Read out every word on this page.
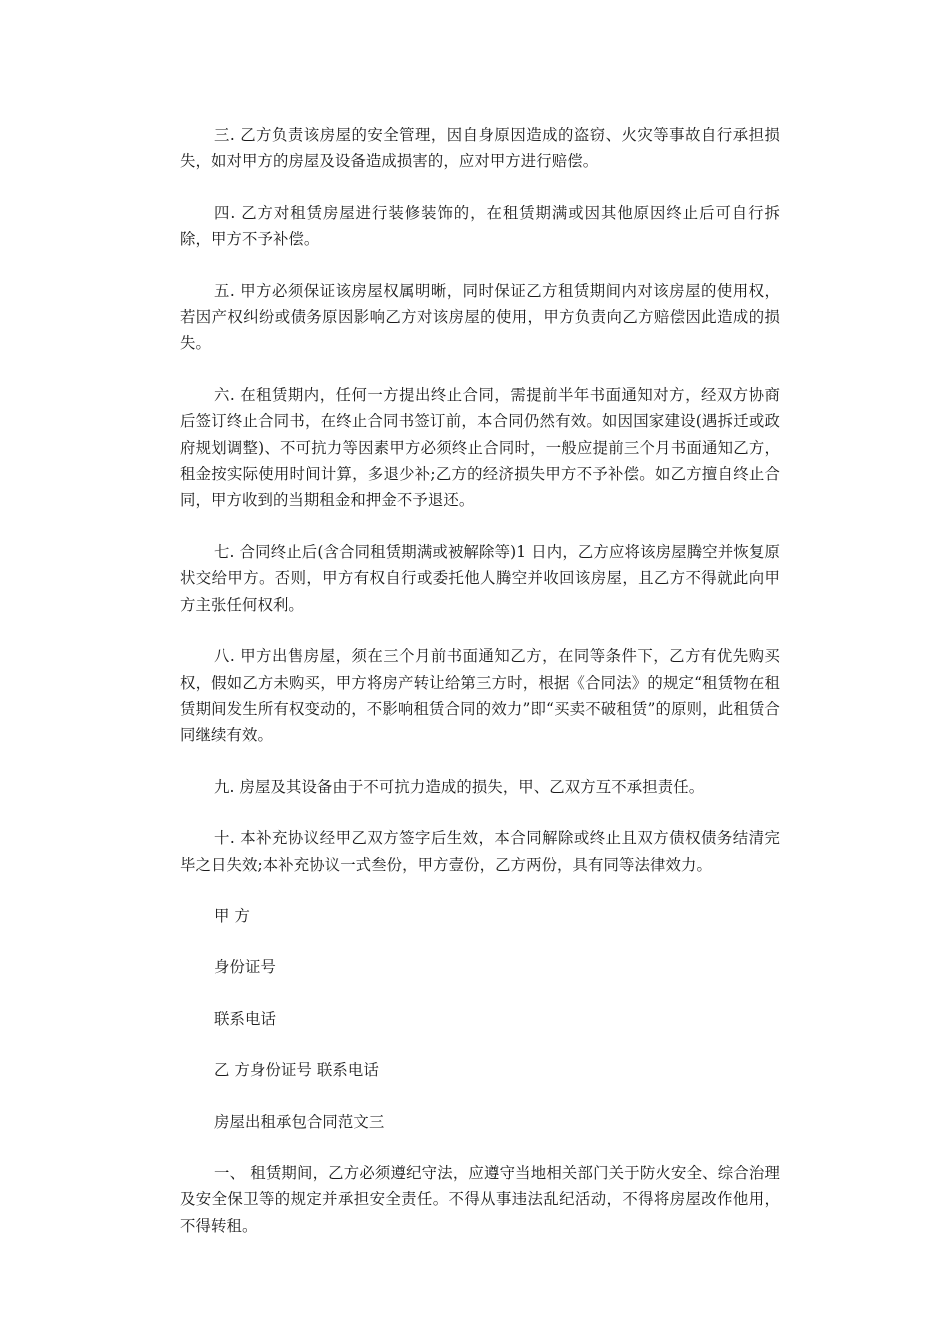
三. 乙方负责该房屋的安全管理，因自身原因造成的盗窃、火灾等事故自行承担损失，如对甲方的房屋及设备造成损害的，应对甲方进行赔偿。

四. 乙方对租赁房屋进行装修装饰的，在租赁期满或因其他原因终止后可自行拆除，甲方不予补偿。

五. 甲方必须保证该房屋权属明晰，同时保证乙方租赁期间内对该房屋的使用权，若因产权纠纷或债务原因影响乙方对该房屋的使用，甲方负责向乙方赔偿因此造成的损失。

六. 在租赁期内，任何一方提出终止合同，需提前半年书面通知对方，经双方协商后签订终止合同书，在终止合同书签订前，本合同仍然有效。如因国家建设(遇拆迁或政府规划调整)、不可抗力等因素甲方必须终止合同时，一般应提前三个月书面通知乙方，租金按实际使用时间计算，多退少补;乙方的经济损失甲方不予补偿。如乙方擅自终止合同，甲方收到的当期租金和押金不予退还。

七. 合同终止后(含合同租赁期满或被解除等)1 日内，乙方应将该房屋腾空并恢复原状交给甲方。否则，甲方有权自行或委托他人腾空并收回该房屋，且乙方不得就此向甲方主张任何权利。

八. 甲方出售房屋，须在三个月前书面通知乙方，在同等条件下，乙方有优先购买权，假如乙方未购买，甲方将房产转让给第三方时，根据《合同法》的规定“租赁物在租赁期间发生所有权变动的，不影响租赁合同的效力”即“买卖不破租赁”的原则，此租赁合同继续有效。

九. 房屋及其设备由于不可抗力造成的损失，甲、乙双方互不承担责任。

十. 本补充协议经甲乙双方签字后生效，本合同解除或终止且双方债权债务结清完毕之日失效;本补充协议一式叁份，甲方壹份，乙方两份，具有同等法律效力。

甲 方

身份证号

联系电话

乙 方身份证号 联系电话

房屋出租承包合同范文三

一、 租赁期间，乙方必须遵纪守法，应遵守当地相关部门关于防火安全、综合治理及安全保卫等的规定并承担安全责任。不得从事违法乱纪活动，不得将房屋改作他用，不得转租。
